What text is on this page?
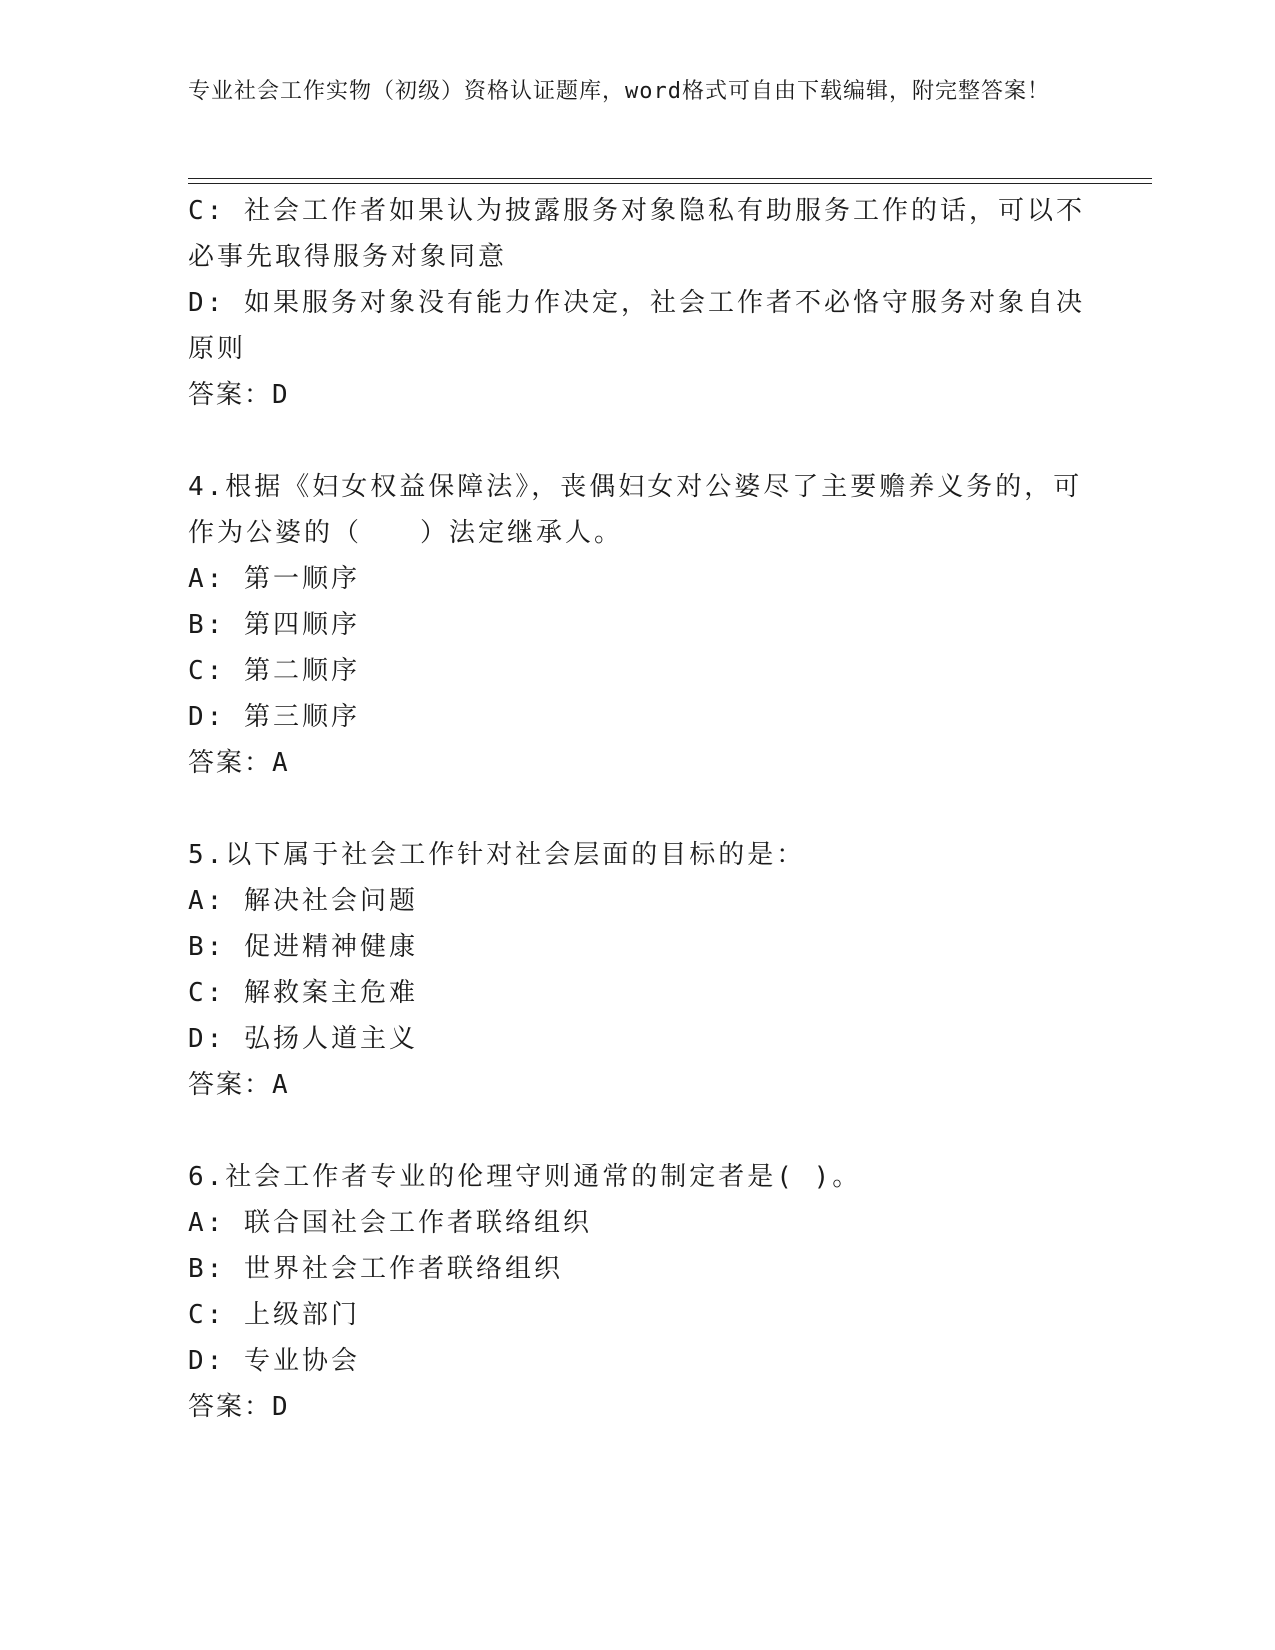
专业社会工作实物（初级）资格认证题库，word格式可自由下载编辑，附完整答案！

C: 社会工作者如果认为披露服务对象隐私有助服务工作的话，可以不必事先取得服务对象同意

D: 如果服务对象没有能力作决定，社会工作者不必恪守服务对象自决原则

答案：D

4.根据《妇女权益保障法》，丧偶妇女对公婆尽了主要赡养义务的，可作为公婆的（　　）法定继承人。

A: 第一顺序

B: 第四顺序

C: 第二顺序

D: 第三顺序

答案：A

5.以下属于社会工作针对社会层面的目标的是：

A: 解决社会问题

B: 促进精神健康

C: 解救案主危难

D: 弘扬人道主义

答案：A

6.社会工作者专业的伦理守则通常的制定者是( )。

A: 联合国社会工作者联络组织

B: 世界社会工作者联络组织

C: 上级部门

D: 专业协会

答案：D
